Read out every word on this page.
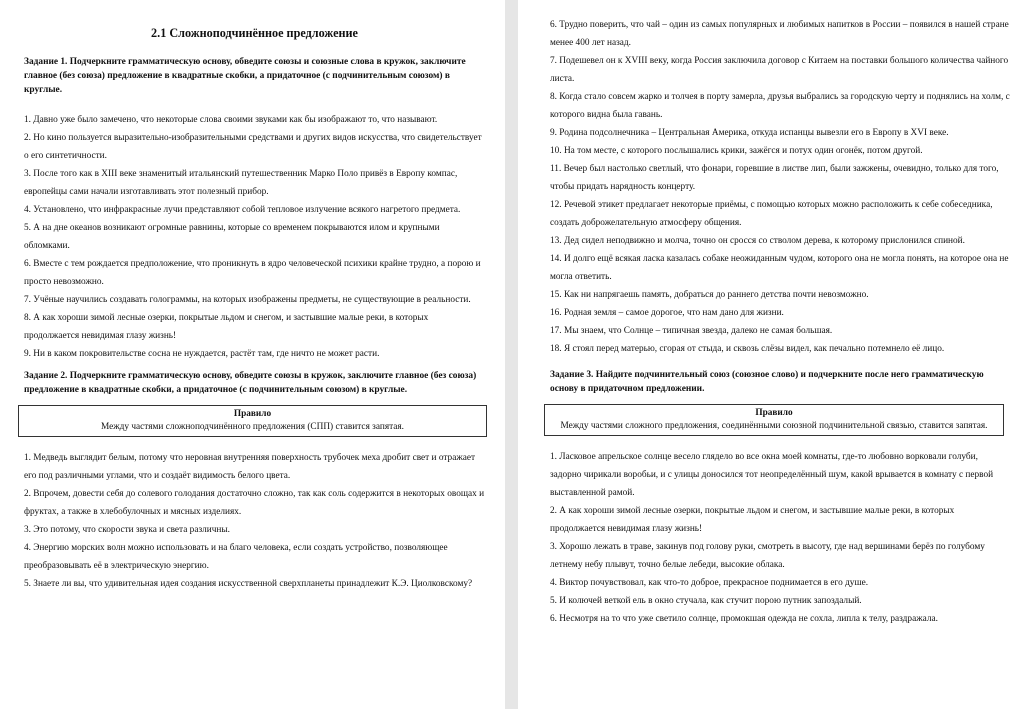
2.1 Сложноподчинённое предложение
Задание 1. Подчеркните грамматическую основу, обведите союзы и союзные слова в кружок, заключите главное (без союза) предложение в квадратные скобки, а придаточное (с подчинительным союзом) в круглые.

1. Давно уже было замечено, что некоторые слова своими звуками как бы изображают то, что называют.

2. Но кино пользуется выразительно-изобразительными средствами и других видов искусства, что свидетельствует о его синтетичности.

3. После того как в XIII веке знаменитый итальянский путешественник Марко Поло привёз в Европу компас, европейцы сами начали изготавливать этот полезный прибор.

4. Установлено, что инфракрасные лучи представляют собой тепловое излучение всякого нагретого предмета.

5. А на дне океанов возникают огромные равнины, которые со временем покрываются илом и крупными обломками.

6. Вместе с тем рождается предположение, что проникнуть в ядро человеческой психики крайне трудно, а порою и просто невозможно.

7. Учёные научились создавать голограммы, на которых изображены предметы, не существующие в реальности.

8. А как хороши зимой лесные озерки, покрытые льдом и снегом, и застывшие малые реки, в которых продолжается невидимая глазу жизнь!

9. Ни в каком покровительстве сосна не нуждается, растёт там, где ничто не может расти.

Задание 2. Подчеркните грамматическую основу, обведите союзы в кружок, заключите главное (без союза) предложение в квадратные скобки, а придаточное (с подчинительным союзом) в круглые.
Правило
Между частями сложноподчинённого предложения (СПП) ставится запятая.

1. Медведь выглядит белым, потому что неровная внутренняя поверхность трубочек меха дробит свет и отражает его под различными углами, что и создаёт видимость белого цвета.

2. Впрочем, довести себя до солевого голодания достаточно сложно, так как соль содержится в некоторых овощах и фруктах, а также в хлебобулочных и мясных изделиях.

3. Это потому, что скорости звука и света различны.

4. Энергию морских волн можно использовать и на благо человека, если создать устройство, позволяющее преобразовывать её в электрическую энергию.

5. Знаете ли вы, что удивительная идея создания искусственной сверхпланеты принадлежит К.Э. Циолковскому?

6. Трудно поверить, что чай – один из самых популярных и любимых напитков в России – появился в нашей стране менее 400 лет назад.

7. Подешевел он к XVIII веку, когда Россия заключила договор с Китаем на поставки большого количества чайного листа.

8. Когда стало совсем жарко и толчея в порту замерла, друзья выбрались за городскую черту и поднялись на холм, с которого видна была гавань.

9. Родина подсолнечника – Центральная Америка, откуда испанцы вывезли его в Европу в XVI веке.

10. На том месте, с которого послышались крики, зажёгся и потух один огонёк, потом другой.

11. Вечер был настолько светлый, что фонари, горевшие в листве лип, были зажжены, очевидно, только для того, чтобы придать нарядность концерту.

12. Речевой этикет предлагает некоторые приёмы, с помощью которых можно расположить к себе собеседника, создать доброжелательную атмосферу общения.

13. Дед сидел неподвижно и молча, точно он сросся со стволом дерева, к которому прислонился спиной.

14. И долго ещё всякая ласка казалась собаке неожиданным чудом, которого она не могла понять, на которое она не могла ответить.

15. Как ни напрягаешь память, добраться до раннего детства почти невозможно.

16. Родная земля – самое дорогое, что нам дано для жизни.

17. Мы знаем, что Солнце – типичная звезда, далеко не самая большая.

18. Я стоял перед матерью, сгорая от стыда, и сквозь слёзы видел, как печально потемнело её лицо.

Задание 3. Найдите подчинительный союз (союзное слово) и подчеркните после него грамматическую основу в придаточном предложении.
Правило
Между частями сложного предложения, соединёнными союзной подчинительной связью, ставится запятая.

1. Ласковое апрельское солнце весело глядело во все окна моей комнаты, где-то любовно ворковали голуби, задорно чирикали воробьи, и с улицы доносился тот неопределённый шум, какой врывается в комнату с первой выставленной рамой.

2. А как хороши зимой лесные озерки, покрытые льдом и снегом, и застывшие малые реки, в которых продолжается невидимая глазу жизнь!

3. Хорошо лежать в траве, закинув под голову руки, смотреть в высоту, где над вершинами берёз по голубому летнему небу плывут, точно белые лебеди, высокие облака.

4. Виктор почувствовал, как что-то доброе, прекрасное поднимается в его душе.

5. И колючей веткой ель в окно стучала, как стучит порою путник запоздалый.

6. Несмотря на то что уже светило солнце, промокшая одежда не сохла, липла к телу, раздражала.
